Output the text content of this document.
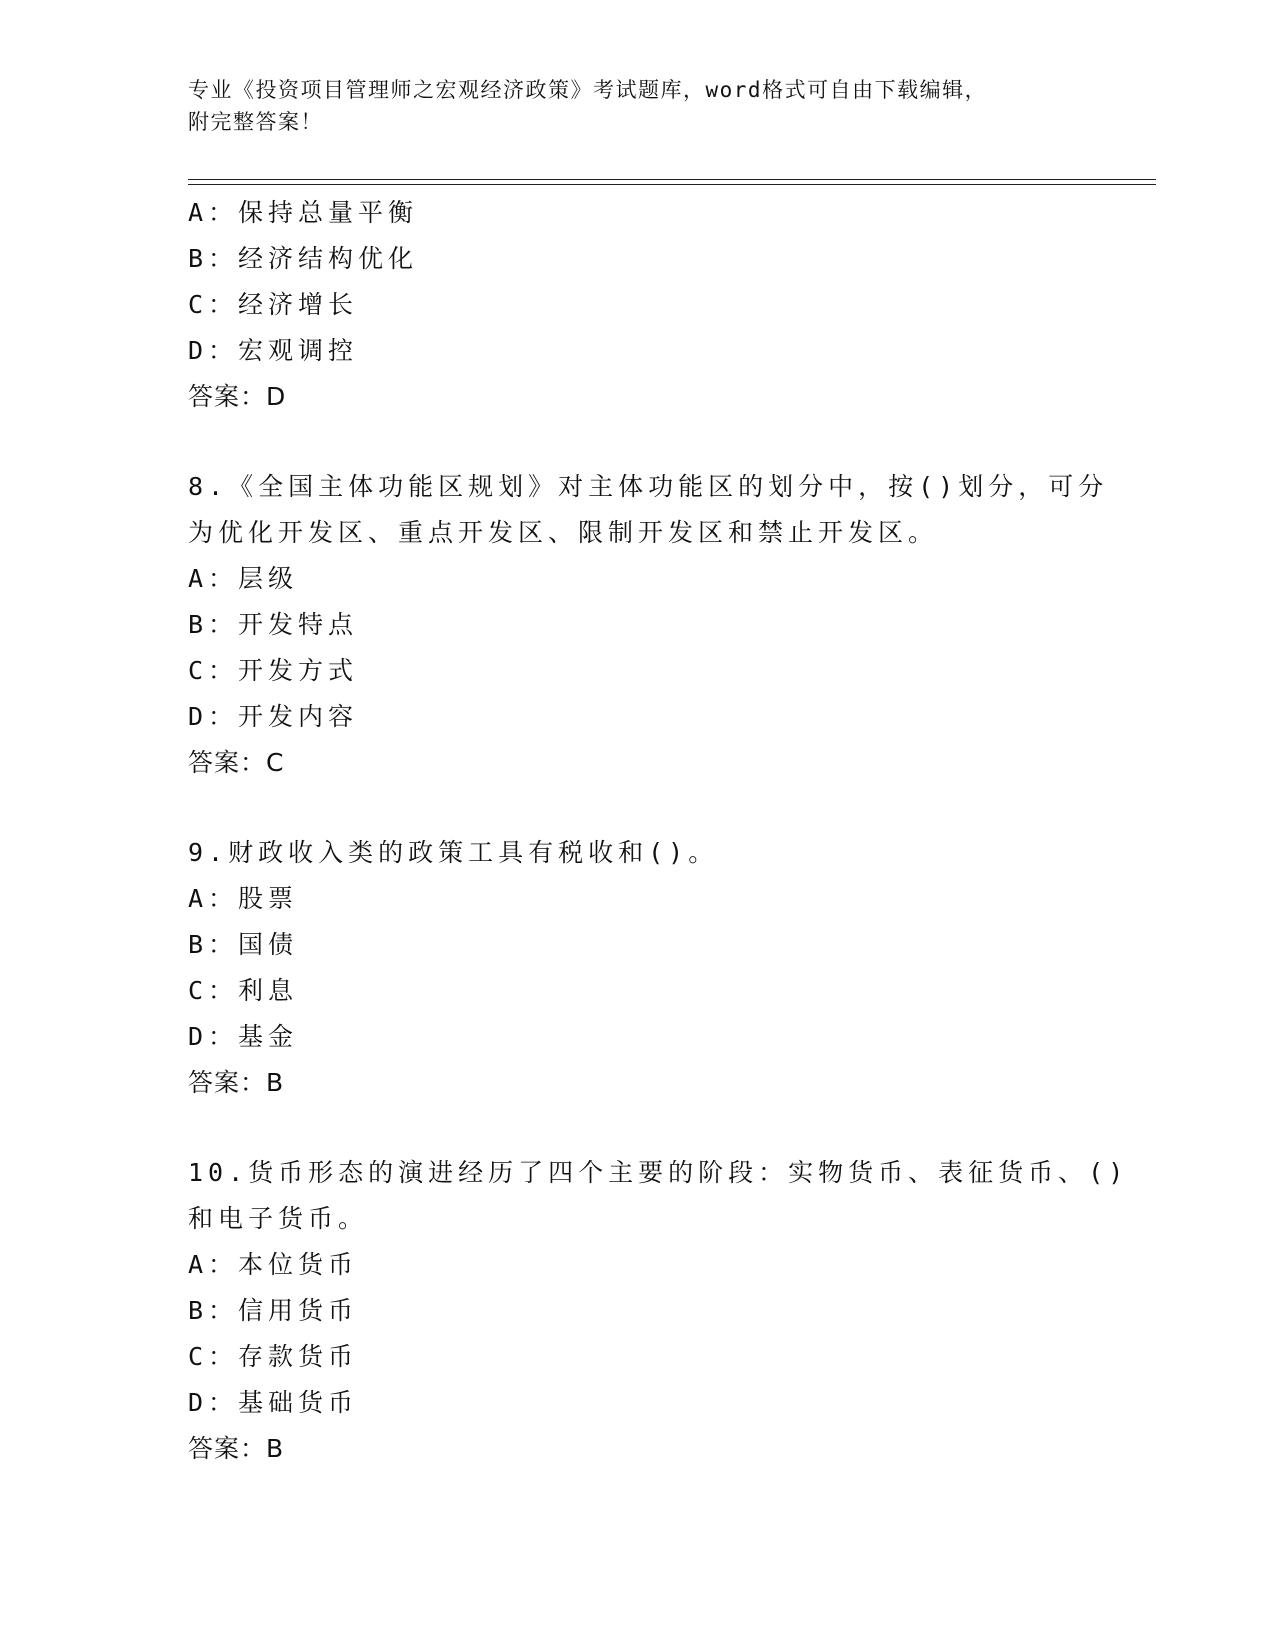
专业《投资项目管理师之宏观经济政策》考试题库，word格式可自由下载编辑，
附完整答案！
A：保持总量平衡
B：经济结构优化
C：经济增长
D：宏观调控
答案：D
8.《全国主体功能区规划》对主体功能区的划分中，按()划分，可分
为优化开发区、重点开发区、限制开发区和禁止开发区。
A：层级
B：开发特点
C：开发方式
D：开发内容
答案：C
9.财政收入类的政策工具有税收和()。
A：股票
B：国债
C：利息
D：基金
答案：B
10.货币形态的演进经历了四个主要的阶段：实物货币、表征货币、()
和电子货币。
A：本位货币
B：信用货币
C：存款货币
D：基础货币
答案：B
